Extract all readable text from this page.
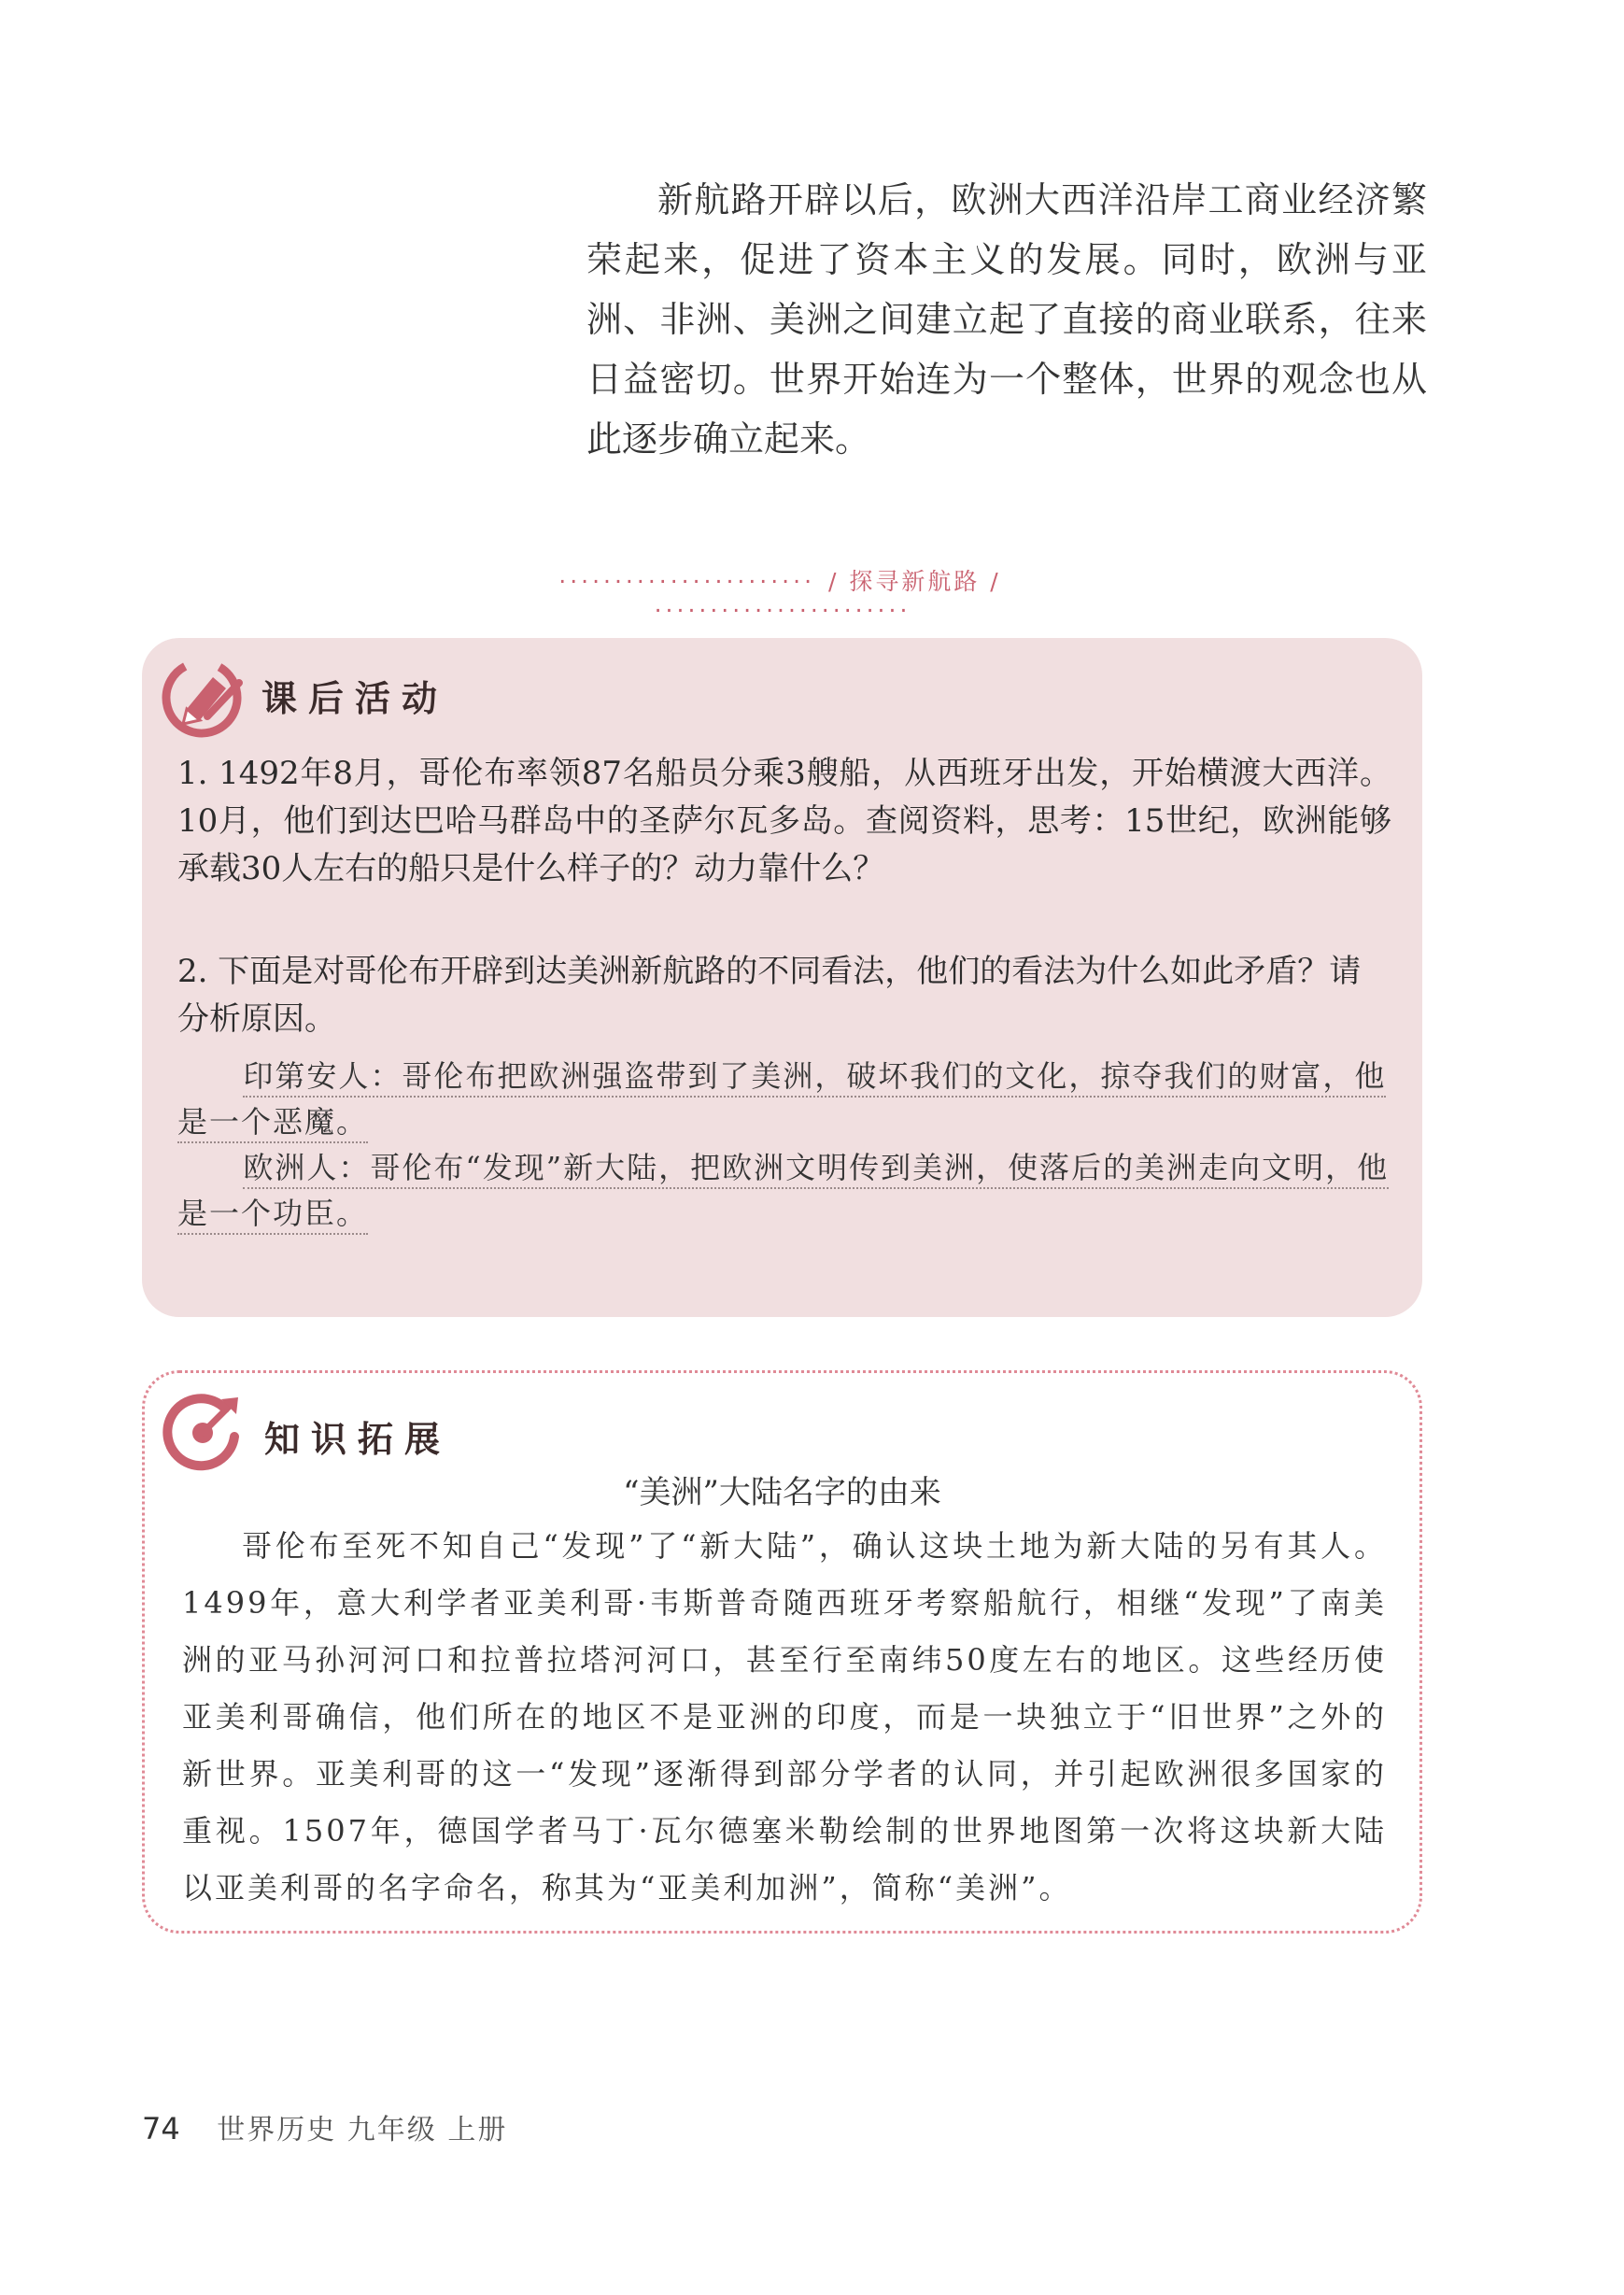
新航路开辟以后，欧洲大西洋沿岸工商业经济繁荣起来，促进了资本主义的发展。同时，欧洲与亚洲、非洲、美洲之间建立起了直接的商业联系，往来日益密切。世界开始连为一个整体，世界的观念也从此逐步确立起来。

······················· / 探寻新航路 / ·······················
课后活动
1. 1492年8月，哥伦布率领87名船员分乘3艘船，从西班牙出发，开始横渡大西洋。10月，他们到达巴哈马群岛中的圣萨尔瓦多岛。查阅资料，思考：15世纪，欧洲能够承载30人左右的船只是什么样子的？动力靠什么？
2. 下面是对哥伦布开辟到达美洲新航路的不同看法，他们的看法为什么如此矛盾？请分析原因。
印第安人：哥伦布把欧洲强盗带到了美洲，破坏我们的文化，掠夺我们的财富，他是一个恶魔。
欧洲人：哥伦布“发现”新大陆，把欧洲文明传到美洲，使落后的美洲走向文明，他是一个功臣。
知识拓展
“美洲”大陆名字的由来

哥伦布至死不知自己“发现”了“新大陆”，确认这块土地为新大陆的另有其人。1499年，意大利学者亚美利哥·韦斯普奇随西班牙考察船航行，相继“发现”了南美洲的亚马孙河河口和拉普拉塔河河口，甚至行至南纬50度左右的地区。这些经历使亚美利哥确信，他们所在的地区不是亚洲的印度，而是一块独立于“旧世界”之外的新世界。亚美利哥的这一“发现”逐渐得到部分学者的认同，并引起欧洲很多国家的重视。1507年，德国学者马丁·瓦尔德塞米勒绘制的世界地图第一次将这块新大陆以亚美利哥的名字命名，称其为“亚美利加洲”，简称“美洲”。

74 世界历史 九年级 上册
